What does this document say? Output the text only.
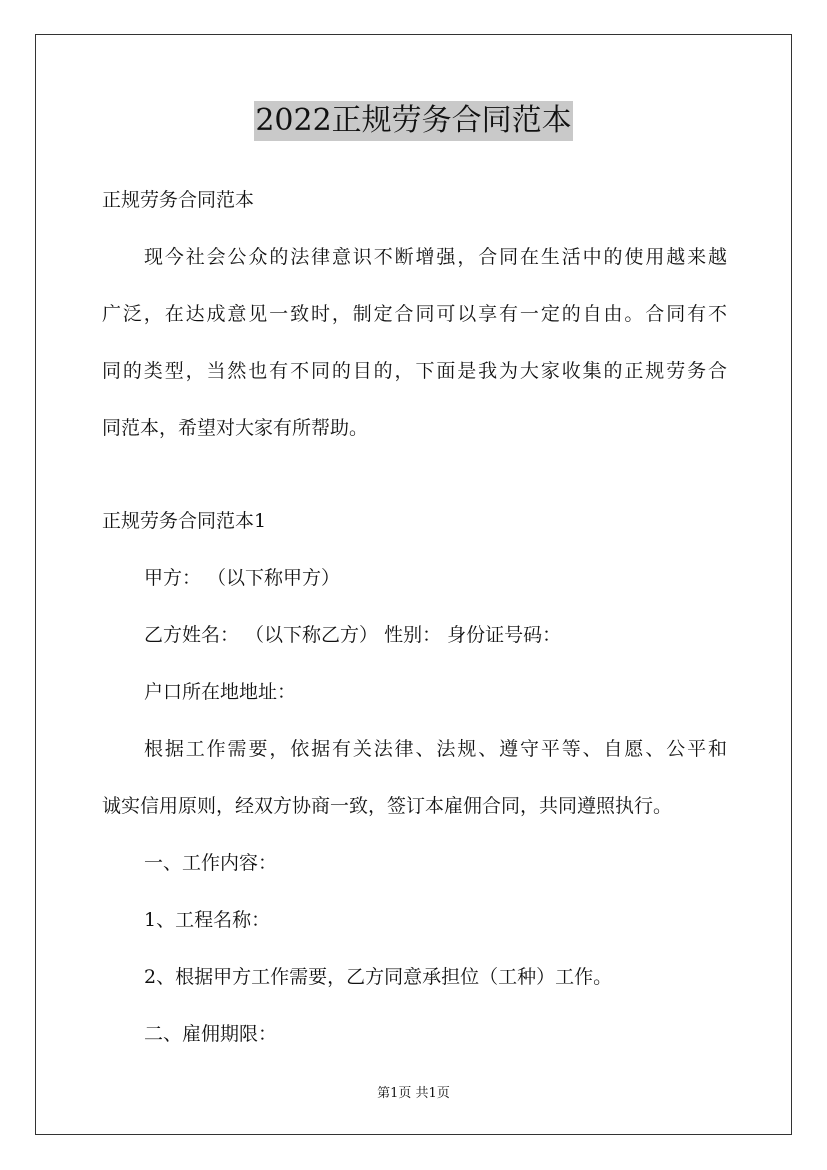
2022正规劳务合同范本
正规劳务合同范本
现今社会公众的法律意识不断增强，合同在生活中的使用越来越
广泛，在达成意见一致时，制定合同可以享有一定的自由。合同有不
同的类型，当然也有不同的目的，下面是我为大家收集的正规劳务合
同范本，希望对大家有所帮助。
正规劳务合同范本1
甲方： （以下称甲方）
乙方姓名： （以下称乙方） 性别： 身份证号码：
户口所在地地址：
根据工作需要，依据有关法律、法规、遵守平等、自愿、公平和
诚实信用原则，经双方协商一致，签订本雇佣合同，共同遵照执行。
一、工作内容：
1、工程名称：
2、根据甲方工作需要，乙方同意承担位（工种）工作。
二、雇佣期限：
第1页 共1页
